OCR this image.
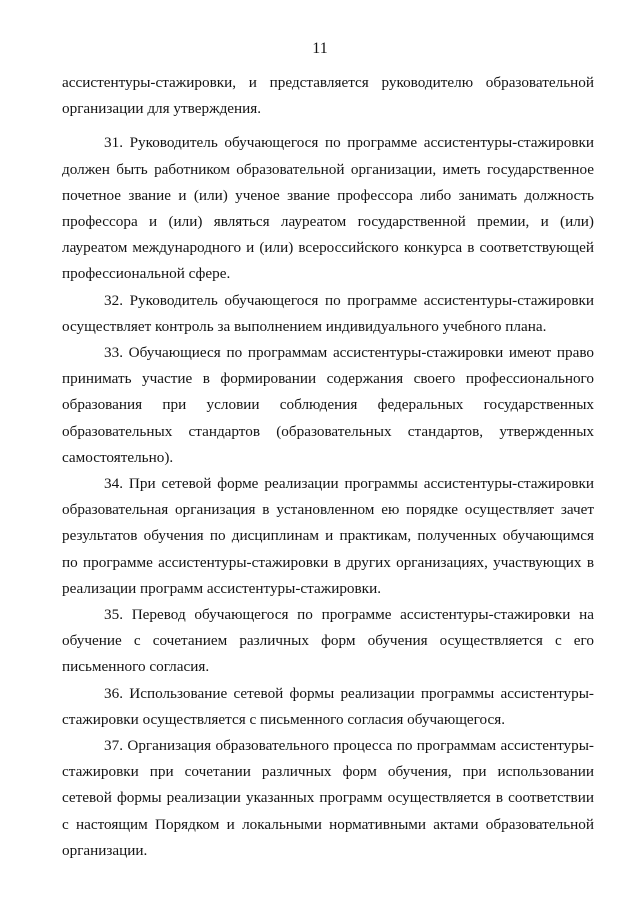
11

ассистентуры-стажировки, и представляется руководителю образовательной организации для утверждения.

31. Руководитель обучающегося по программе ассистентуры-стажировки должен быть работником образовательной организации, иметь государственное почетное звание и (или) ученое звание профессора либо занимать должность профессора и (или) являться лауреатом государственной премии, и (или) лауреатом международного и (или) всероссийского конкурса в соответствующей профессиональной сфере.

32. Руководитель обучающегося по программе ассистентуры-стажировки осуществляет контроль за выполнением индивидуального учебного плана.

33. Обучающиеся по программам ассистентуры-стажировки имеют право принимать участие в формировании содержания своего профессионального образования при условии соблюдения федеральных государственных образовательных стандартов (образовательных стандартов, утвержденных самостоятельно).

34. При сетевой форме реализации программы ассистентуры-стажировки образовательная организация в установленном ею порядке осуществляет зачет результатов обучения по дисциплинам и практикам, полученных обучающимся по программе ассистентуры-стажировки в других организациях, участвующих в реализации программ ассистентуры-стажировки.

35. Перевод обучающегося по программе ассистентуры-стажировки на обучение с сочетанием различных форм обучения осуществляется с его письменного согласия.

36. Использование сетевой формы реализации программы ассистентуры-стажировки осуществляется с письменного согласия обучающегося.

37. Организация образовательного процесса по программам ассистентуры-стажировки при сочетании различных форм обучения, при использовании сетевой формы реализации указанных программ осуществляется в соответствии с настоящим Порядком и локальными нормативными актами образовательной организации.
